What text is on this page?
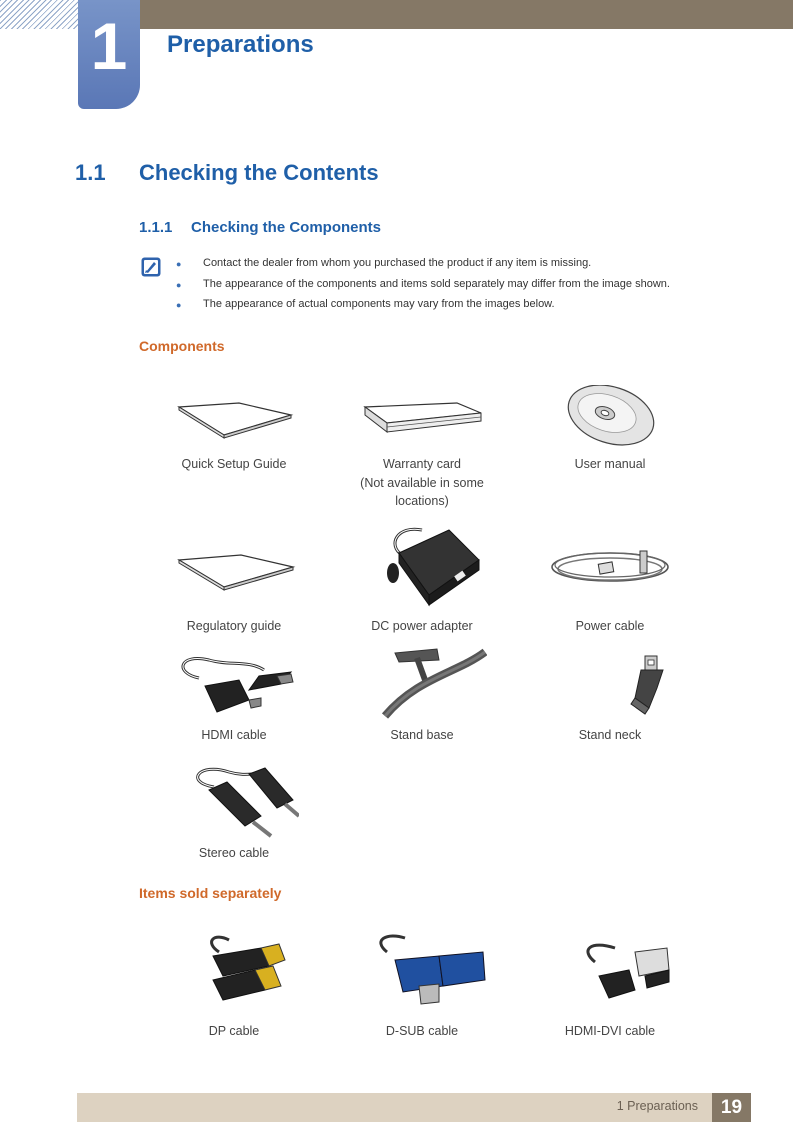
1	Preparations
1.1 Checking the Contents
1.1.1 Checking the Components
● Contact the dealer from whom you purchased the product if any item is missing.
● The appearance of the components and items sold separately may differ from the image shown.
● The appearance of actual components may vary from the images below.
Components
Quick Setup Guide	Warranty card
(Not available in some
locations)
User manual
Regulatory guide	DC power adapter	Power cable
HDMI cable	Stand base	Stand neck
Stereo cable
Items sold separately
DP cable	D-SUB cable	HDMI-DVI cable
1 Preparations	19
